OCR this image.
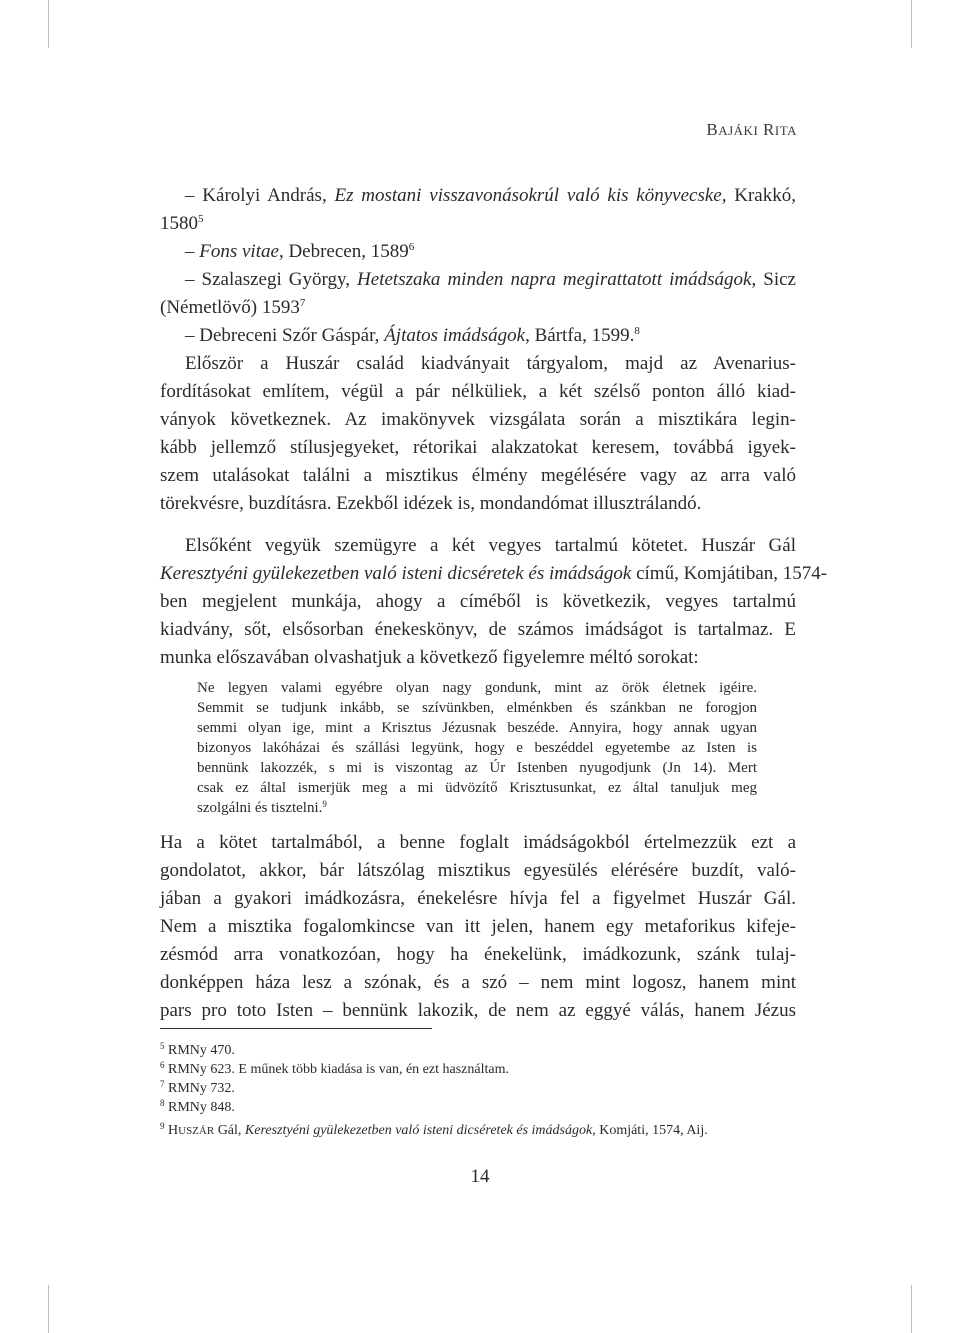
BAJÁKI RITA
– Károlyi András, Ez mostani visszavonásokrúl való kis könyvecske, Krakkó,
1580$^5$
– Fons vitae, Debrecen, 1589$^6$
– Szalaszegi György, Hetetszaka minden napra megirattatott imádságok, Sicz
(Németlövő) 1593$^7$
– Debreceni Szőr Gáspár, Ájtatos imádságok, Bártfa, 1599.$^8$
Először a Huszár család kiadványait tárgyalom, majd az Avenarius-
fordításokat említem, végül a pár nélküliek, a két szélső ponton álló kiad-
ványok következnek. Az imakönyvek vizsgálata során a misztikára legin-
kább jellemző stílusjegyeket, rétorikai alakzatokat keresem, továbbá igyek-
szem utalásokat találni a misztikus élmény megélésére vagy az arra való
törekvésre, buzdításra. Ezekből idézek is, mondandómat illusztrálandó.
Elsőként vegyük szemügyre a két vegyes tartalmú kötetet. Huszár Gál
Keresztyéni gyülekezetben való isteni dicséretek és imádságok című, Komjátiban, 1574-
ben megjelent munkája, ahogy a címéből is következik, vegyes tartalmú
kiadvány, sőt, elsősorban énekeskönyv, de számos imádságot is tartalmaz. E
munka előszavában olvashatjuk a következő figyelemre méltó sorokat:
Ne legyen valami egyébre olyan nagy gondunk, mint az örök életnek igéire.
Semmit se tudjunk inkább, se szívünkben, elménkben és szánkban ne forogjon
semmi olyan ige, mint a Krisztus Jézusnak beszéde. Annyira, hogy annak ugyan
bizonyos lakóházai és szállási legyünk, hogy e beszéddel egyetembe az Isten is
bennünk lakozzék, s mi is viszontag az Úr Istenben nyugodjunk (Jn 14). Mert
csak ez által ismerjük meg a mi üdvözítő Krisztusunkat, ez által tanuljuk meg
szolgálni és tisztelni.$^9$
Ha a kötet tartalmából, a benne foglalt imádságokból értelmezzük ezt a
gondolatot, akkor, bár látszólag misztikus egyesülés elérésére buzdít, való-
jában a gyakori imádkozásra, énekelésre hívja fel a figyelmet Huszár Gál.
Nem a misztika fogalomkincse van itt jelen, hanem egy metaforikus kifeje-
zésmód arra vonatkozóan, hogy ha énekelünk, imádkozunk, szánk tulaj-
donképpen háza lesz a szónak, és a szó – nem mint logosz, hanem mint
pars pro toto Isten – bennünk lakozik, de nem az eggyé válás, hanem Jézus
$^5$ RMNy 470.
$^6$ RMNy 623. E műnek több kiadása is van, én ezt használtam.
$^7$ RMNy 732.
$^8$ RMNy 848.
$^9$ HUSZÁR Gál, Keresztyéni gyülekezetben való isteni dicséretek és imádságok, Komjáti, 1574, Aij.
14
